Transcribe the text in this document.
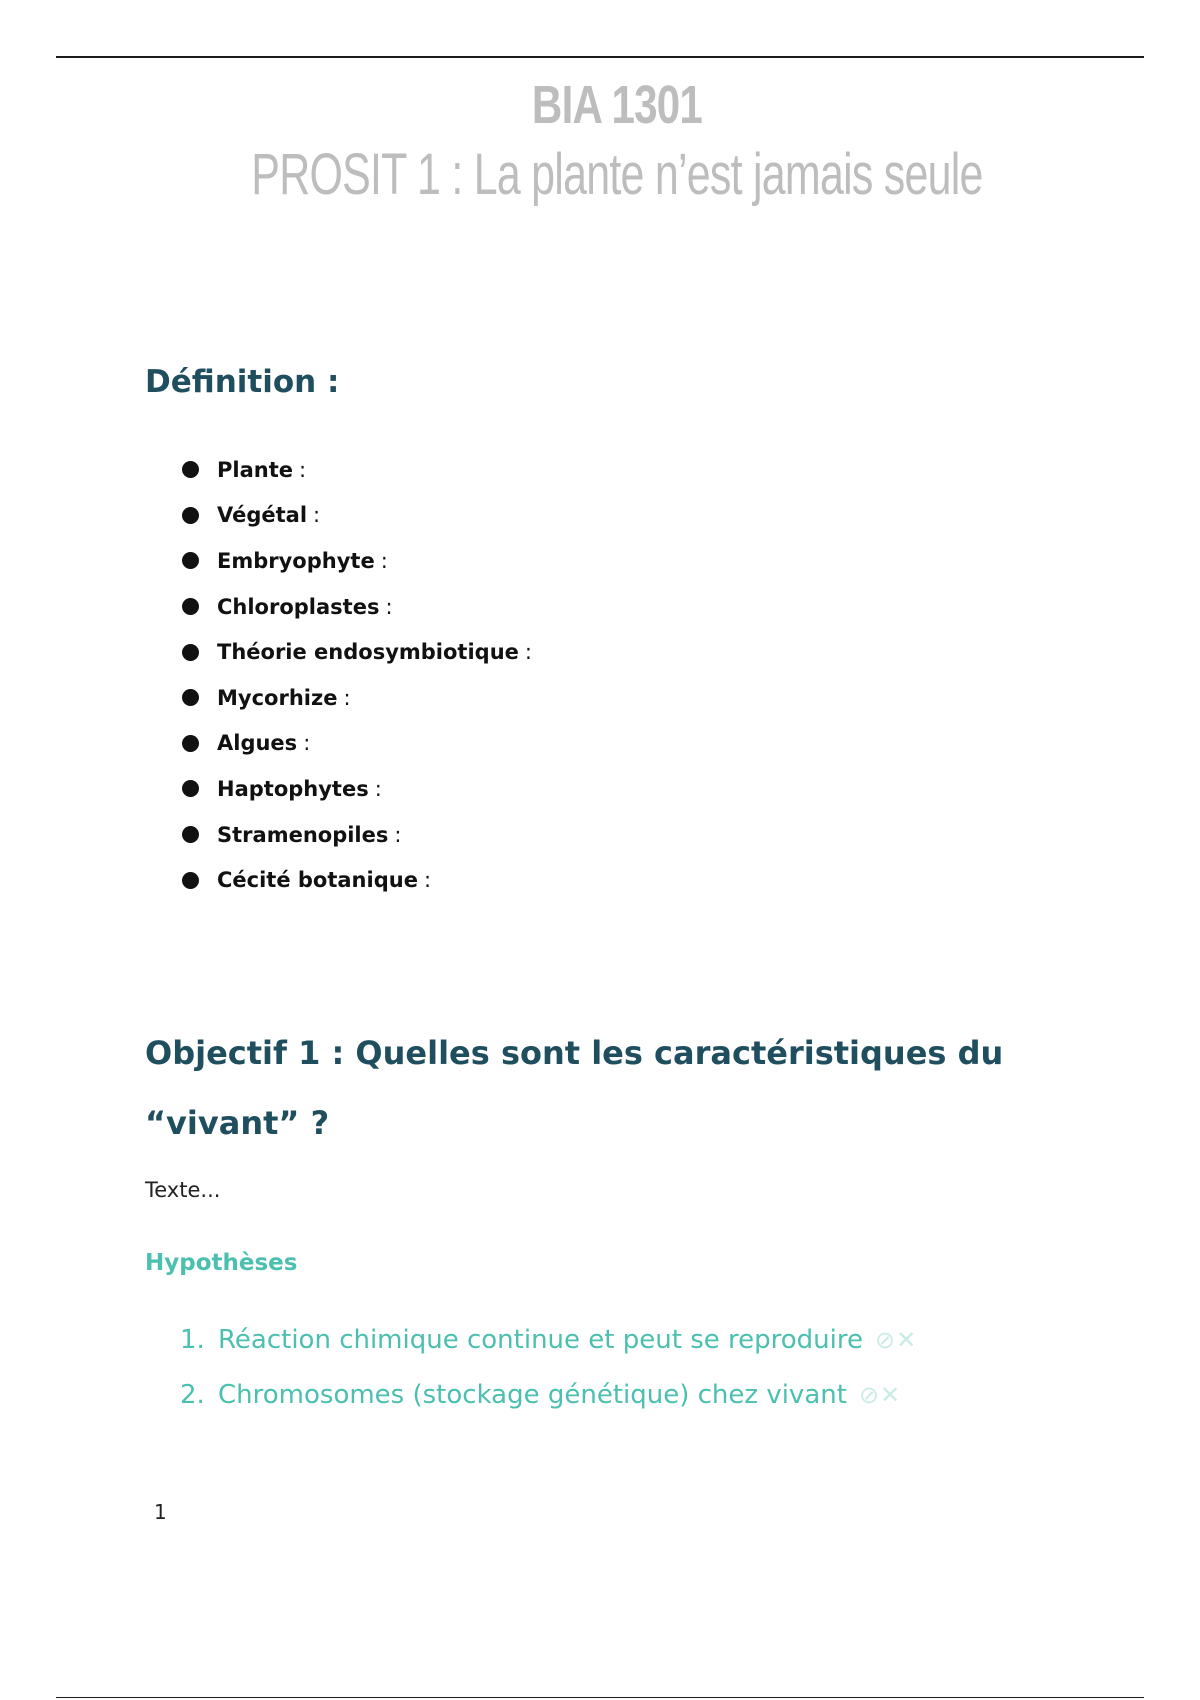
BIA 1301
PROSIT 1 : La plante n’est jamais seule
Définition :
Plante :
Végétal :
Embryophyte :
Chloroplastes :
Théorie endosymbiotique :
Mycorhize :
Algues :
Haptophytes :
Stramenopiles :
Cécité botanique :
Objectif 1 : Quelles sont les caractéristiques du “vivant” ?

Texte...

Hypothèses
1. Réaction chimique continue et peut se reproduire ⊘✕
2. Chromosomes (stockage génétique) chez vivant ⊘✕

1
